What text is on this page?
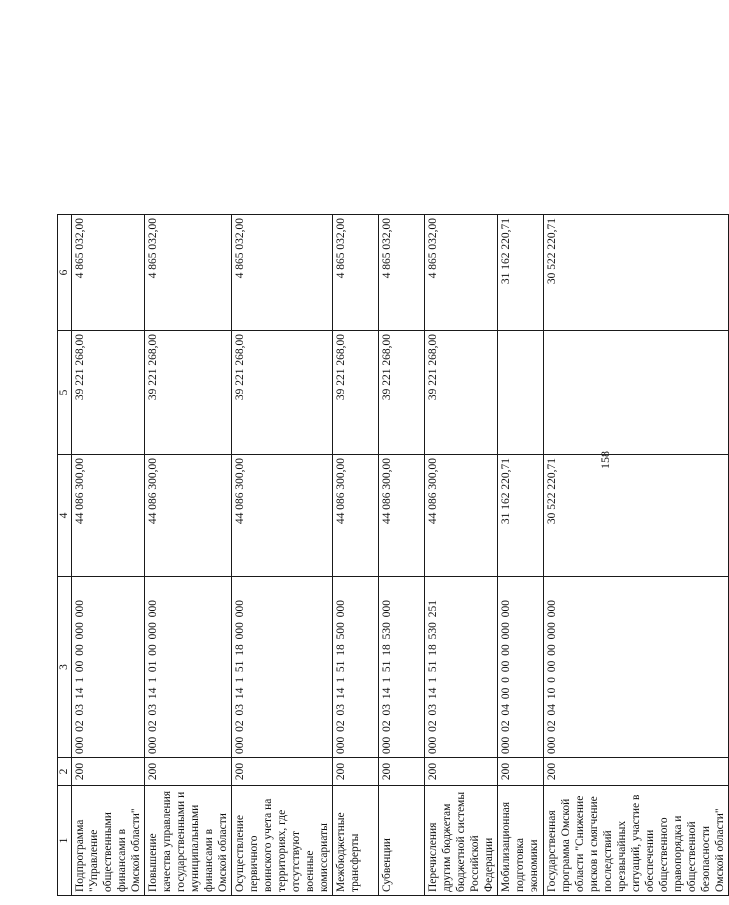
158
1	2	3	4	5	6
Подпрограмма "Управление общественными финансами в Омской области"	200	000 02 03 14 1 00 00 000 000	44 086 300,00	39 221 268,00	4 865 032,00
Повышение качества управления государственными и муниципальными финансами в Омской области	200	000 02 03 14 1 01 00 000 000	44 086 300,00	39 221 268,00	4 865 032,00
Осуществление первичного воинского учета на территориях, где отсутствуют военные комиссариаты	200	000 02 03 14 1 51 18 000 000	44 086 300,00	39 221 268,00	4 865 032,00
Межбюджетные трансферты	200	000 02 03 14 1 51 18 500 000	44 086 300,00	39 221 268,00	4 865 032,00
Субвенции	200	000 02 03 14 1 51 18 530 000	44 086 300,00	39 221 268,00	4 865 032,00
Перечисления другим бюджетам бюджетной системы Российской Федерации	200	000 02 03 14 1 51 18 530 251	44 086 300,00	39 221 268,00	4 865 032,00
Мобилизационная подготовка экономики	200	000 02 04 00 0 00 00 000 000	31 162 220,71		31 162 220,71
Государственная программа Омской области "Снижение рисков и смягчение последствий чрезвычайных ситуаций, участие в обеспечении общественного правопорядка и общественной безопасности Омской области"	200	000 02 04 10 0 00 00 000 000	30 522 220,71		30 522 220,71
